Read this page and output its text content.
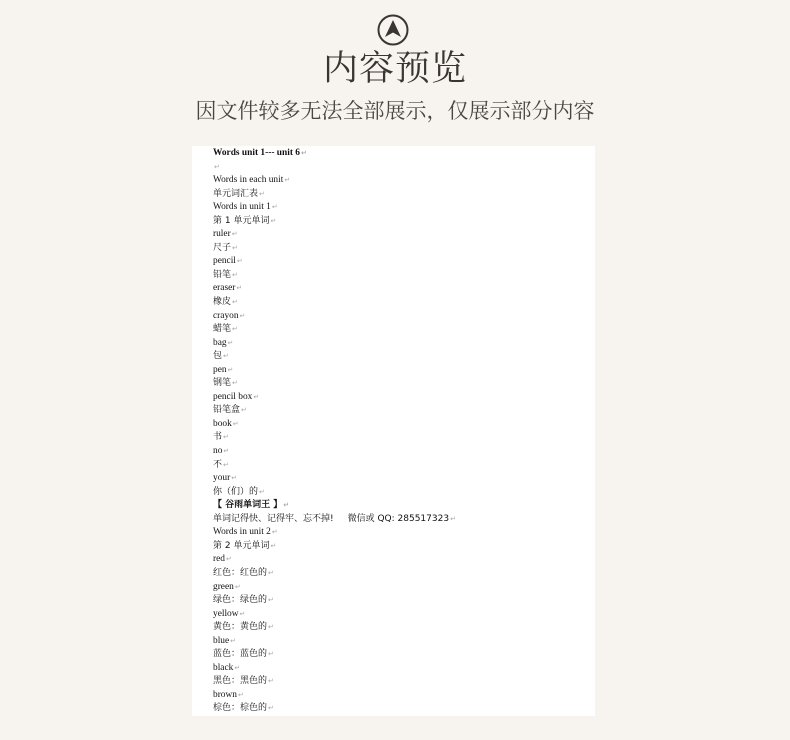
内容预览
因文件较多无法全部展示，仅展示部分内容
Words unit 1--- unit 6↵
↵
Words in each unit↵
单元词汇表↵
Words in unit 1↵
第 1 单元单词↵
ruler↵
尺子↵
pencil↵
铅笔↵
eraser↵
橡皮↵
crayon↵
蜡笔↵
bag↵
包↵
pen↵
钢笔↵
pencil box↵
铅笔盒↵
book↵
书↵
no↵
不↵
your↵
你（们）的↵
【 谷雨单词王 】↵
单词记得快、记得牢、忘不掉! 微信或 QQ: 285517323↵
Words in unit 2↵
第 2 单元单词↵
red↵
红色：红色的↵
green↵
绿色：绿色的↵
yellow↵
黄色：黄色的↵
blue↵
蓝色：蓝色的↵
black↵
黑色：黑色的↵
brown↵
棕色：棕色的↵
